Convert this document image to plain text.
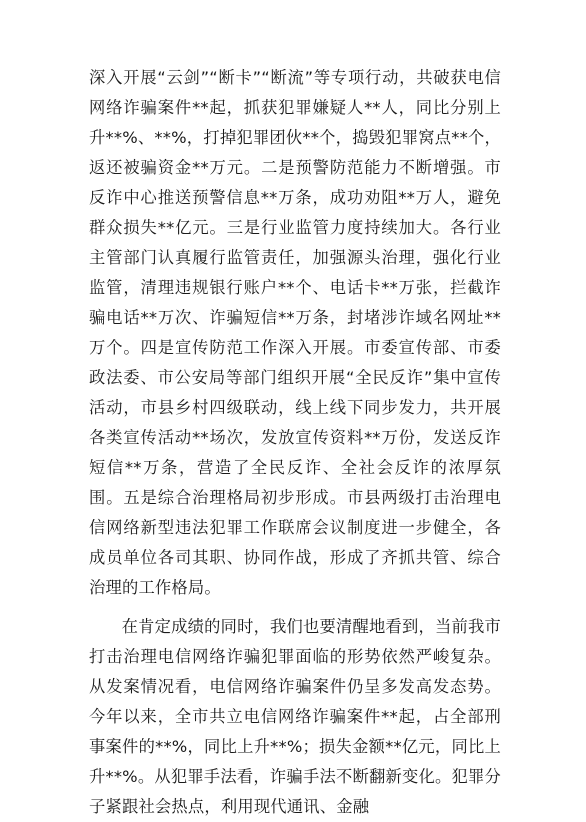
深入开展“云剑”“断卡”“断流”等专项行动，共破获电信网络诈骗案件**起，抓获犯罪嫌疑人**人，同比分别上升**%、**%，打掉犯罪团伙**个，捣毁犯罪窝点**个，返还被骗资金**万元。二是预警防范能力不断增强。市反诈中心推送预警信息**万条，成功劝阻**万人，避免群众损失**亿元。三是行业监管力度持续加大。各行业主管部门认真履行监管责任，加强源头治理，强化行业监管，清理违规银行账户**个、电话卡**万张，拦截诈骗电话**万次、诈骗短信**万条，封堵涉诈域名网址**万个。四是宣传防范工作深入开展。市委宣传部、市委政法委、市公安局等部门组织开展“全民反诈”集中宣传活动，市县乡村四级联动，线上线下同步发力，共开展各类宣传活动**场次，发放宣传资料**万份，发送反诈短信**万条，营造了全民反诈、全社会反诈的浓厚氛围。五是综合治理格局初步形成。市县两级打击治理电信网络新型违法犯罪工作联席会议制度进一步健全，各成员单位各司其职、协同作战，形成了齐抓共管、综合治理的工作格局。

在肯定成绩的同时，我们也要清醒地看到，当前我市打击治理电信网络诈骗犯罪面临的形势依然严峻复杂。从发案情况看，电信网络诈骗案件仍呈多发高发态势。今年以来，全市共立电信网络诈骗案件**起，占全部刑事案件的**%，同比上升**%；损失金额**亿元，同比上升**%。从犯罪手法看，诈骗手法不断翻新变化。犯罪分子紧跟社会热点，利用现代通讯、金融
